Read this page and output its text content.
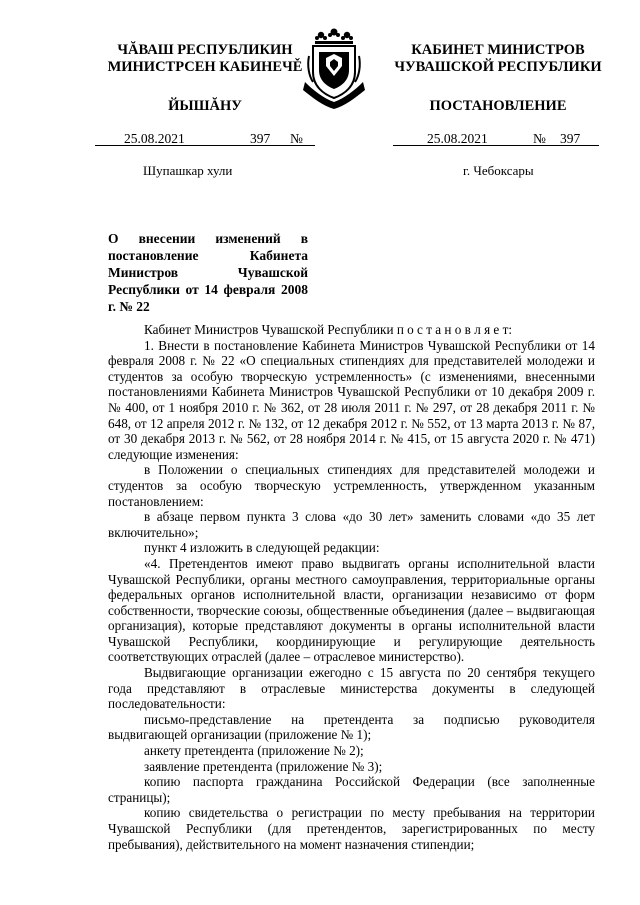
ЧĂВАШ РЕСПУБЛИКИН
МИНИСТРСЕН КАБИНЕЧĚ
ЙЫШĂНУ
КАБИНЕТ МИНИСТРОВ
ЧУВАШСКОЙ РЕСПУБЛИКИ
ПОСТАНОВЛЕНИЕ
25.08.2021	397 №
Шупашкар хули
25.08.2021	№ 397
г. Чебоксары
О внесении изменений в постановление Кабинета Министров Чувашской Республики от 14 февраля 2008 г. № 22

Кабинет Министров Чувашской Республики п о с т а н о в л я е т:

1. Внести в постановление Кабинета Министров Чувашской Республики от 14 февраля 2008 г. № 22 «О специальных стипендиях для представителей молодежи и студентов за особую творческую устремленность» (с изменениями, внесенными постановлениями Кабинета Министров Чувашской Республики от 10 декабря 2009 г. № 400, от 1 ноября 2010 г. № 362, от 28 июля 2011 г. № 297, от 28 декабря 2011 г. № 648, от 12 апреля 2012 г. № 132, от 12 декабря 2012 г. № 552, от 13 марта 2013 г. № 87, от 30 декабря 2013 г. № 562, от 28 ноября 2014 г. № 415, от 15 августа 2020 г. № 471) следующие изменения:

в Положении о специальных стипендиях для представителей молодежи и студентов за особую творческую устремленность, утвержденном указанным постановлением:

в абзаце первом пункта 3 слова «до 30 лет» заменить словами «до 35 лет включительно»;

пункт 4 изложить в следующей редакции:

«4. Претендентов имеют право выдвигать органы исполнительной власти Чувашской Республики, органы местного самоуправления, территориальные органы федеральных органов исполнительной власти, организации независимо от форм собственности, творческие союзы, общественные объединения (далее – выдвигающая организация), которые представляют документы в органы исполнительной власти Чувашской Республики, координирующие и регулирующие деятельность соответствующих отраслей (далее – отраслевое министерство).

Выдвигающие организации ежегодно с 15 августа по 20 сентября текущего года представляют в отраслевые министерства документы в следующей последовательности:

письмо-представление на претендента за подписью руководителя выдвигающей организации (приложение № 1);

анкету претендента (приложение № 2);

заявление претендента (приложение № 3);

копию паспорта гражданина Российской Федерации (все заполненные страницы);

копию свидетельства о регистрации по месту пребывания на территории Чувашской Республики (для претендентов, зарегистрированных по месту пребывания), действительного на момент назначения стипендии;
